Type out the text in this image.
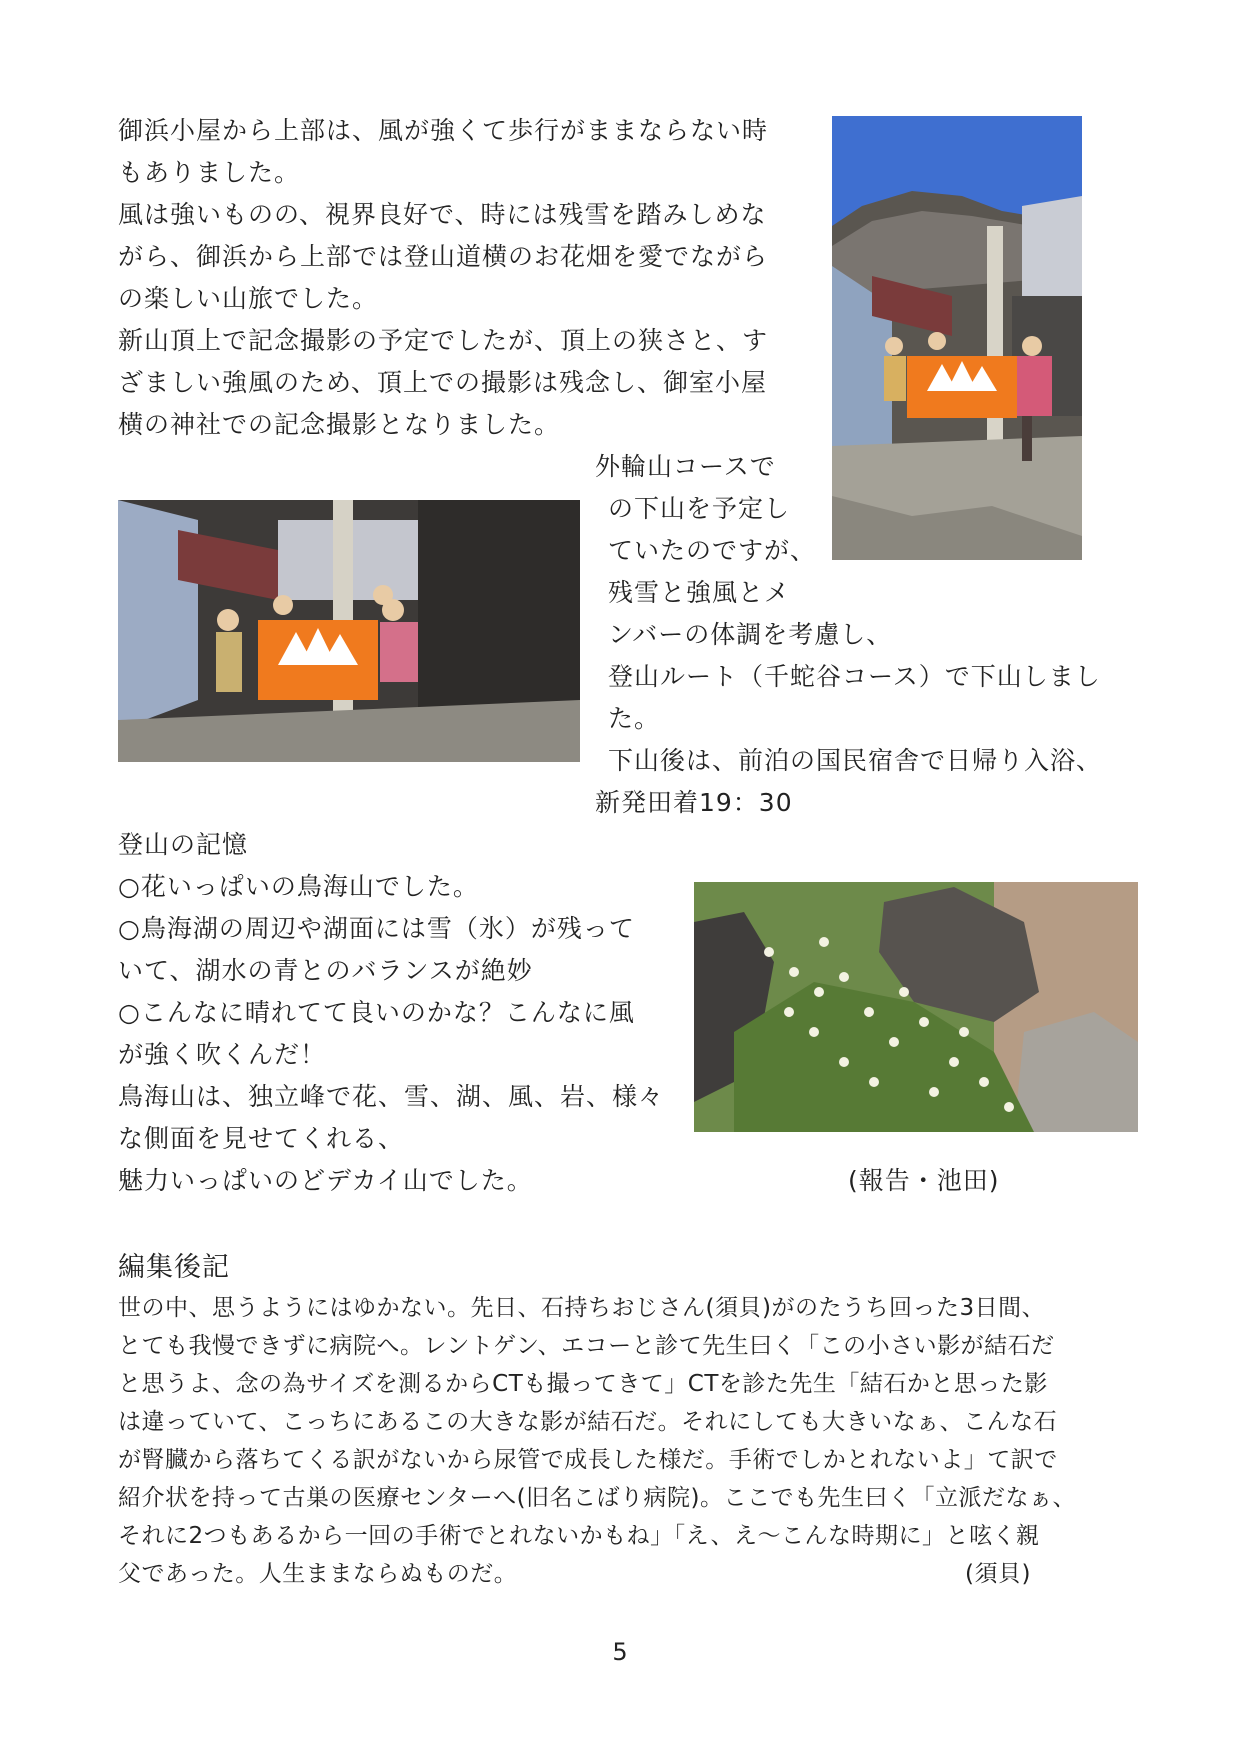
御浜小屋から上部は、風が強くて歩行がままならない時
もありました。
風は強いものの、視界良好で、時には残雪を踏みしめな
がら、御浜から上部では登山道横のお花畑を愛でながら
の楽しい山旅でした。
新山頂上で記念撮影の予定でしたが、頂上の狭さと、す
ざましい強風のため、頂上での撮影は残念し、御室小屋
横の神社での記念撮影となりました。
外輪山コースで
の下山を予定し
ていたのですが、
残雪と強風とメ
ンバーの体調を考慮し、
登山ルート（千蛇谷コース）で下山しまし
た。
下山後は、前泊の国民宿舎で日帰り入浴、
新発田着19：30
登山の記憶
○花いっぱいの鳥海山でした。
○鳥海湖の周辺や湖面には雪（氷）が残って
いて、湖水の青とのバランスが絶妙
○こんなに晴れてて良いのかな？こんなに風
が強く吹くんだ！
鳥海山は、独立峰で花、雪、湖、風、岩、様々
な側面を見せてくれる、
魅力いっぱいのどデカイ山でした。	(報告・池田)
編集後記
世の中、思うようにはゆかない。先日、石持ちおじさん(須貝)がのたうち回った3日間、
とても我慢できずに病院へ。レントゲン、エコーと診て先生曰く「この小さい影が結石だ
と思うよ、念の為サイズを測るからCTも撮ってきて」CTを診た先生「結石かと思った影
は違っていて、こっちにあるこの大きな影が結石だ。それにしても大きいなぁ、こんな石
が腎臓から落ちてくる訳がないから尿管で成長した様だ。手術でしかとれないよ」て訳で
紹介状を持って古巣の医療センターへ(旧名こばり病院)。ここでも先生曰く「立派だなぁ、
それに2つもあるから一回の手術でとれないかもね」「え、え〜こんな時期に」と呟く親
父であった。人生ままならぬものだ。	(須貝)
5
